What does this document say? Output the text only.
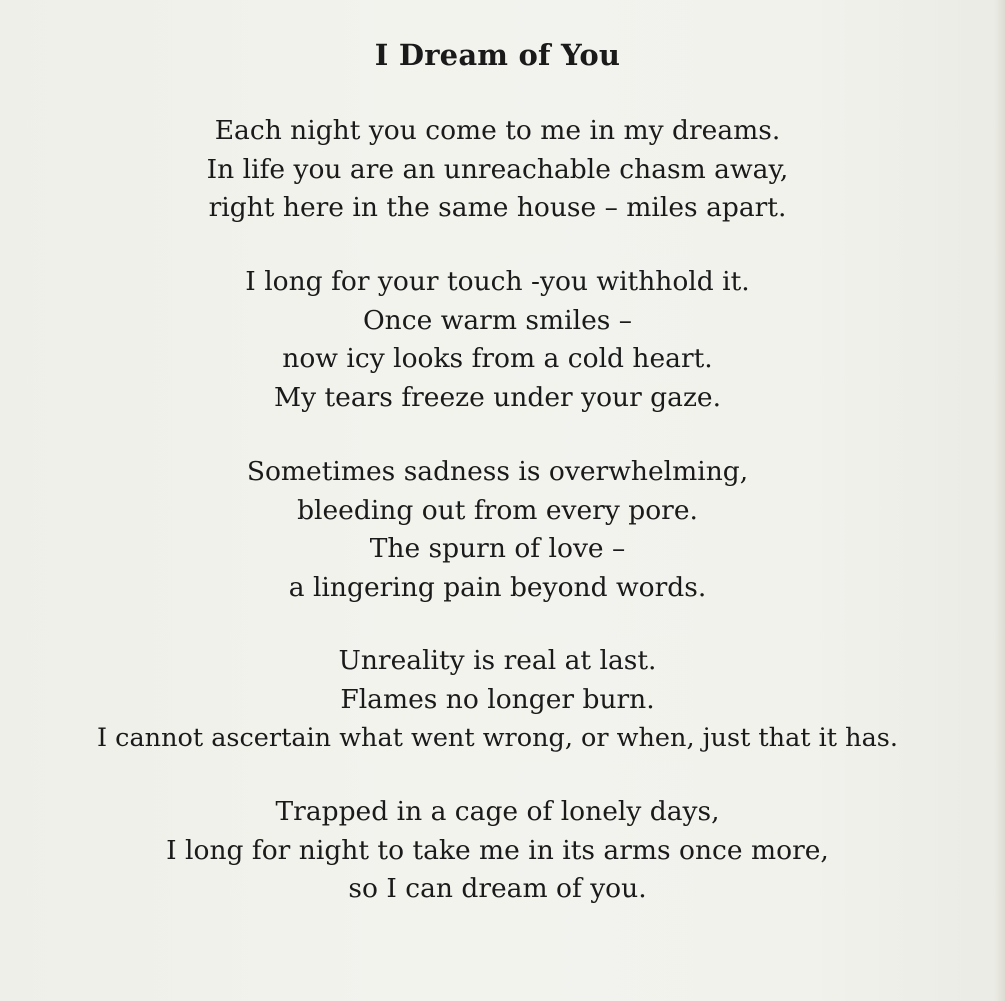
I Dream of You
Each night you come to me in my dreams.
In life you are an unreachable chasm away,
right here in the same house – miles apart.
I long for your touch -you withhold it.
Once warm smiles –
now icy looks from a cold heart.
My tears freeze under your gaze.
Sometimes sadness is overwhelming,
bleeding out from every pore.
The spurn of love –
a lingering pain beyond words.
Unreality is real at last.
Flames no longer burn.
I cannot ascertain what went wrong, or when, just that it has.
Trapped in a cage of lonely days,
I long for night to take me in its arms once more,
so I can dream of you.
